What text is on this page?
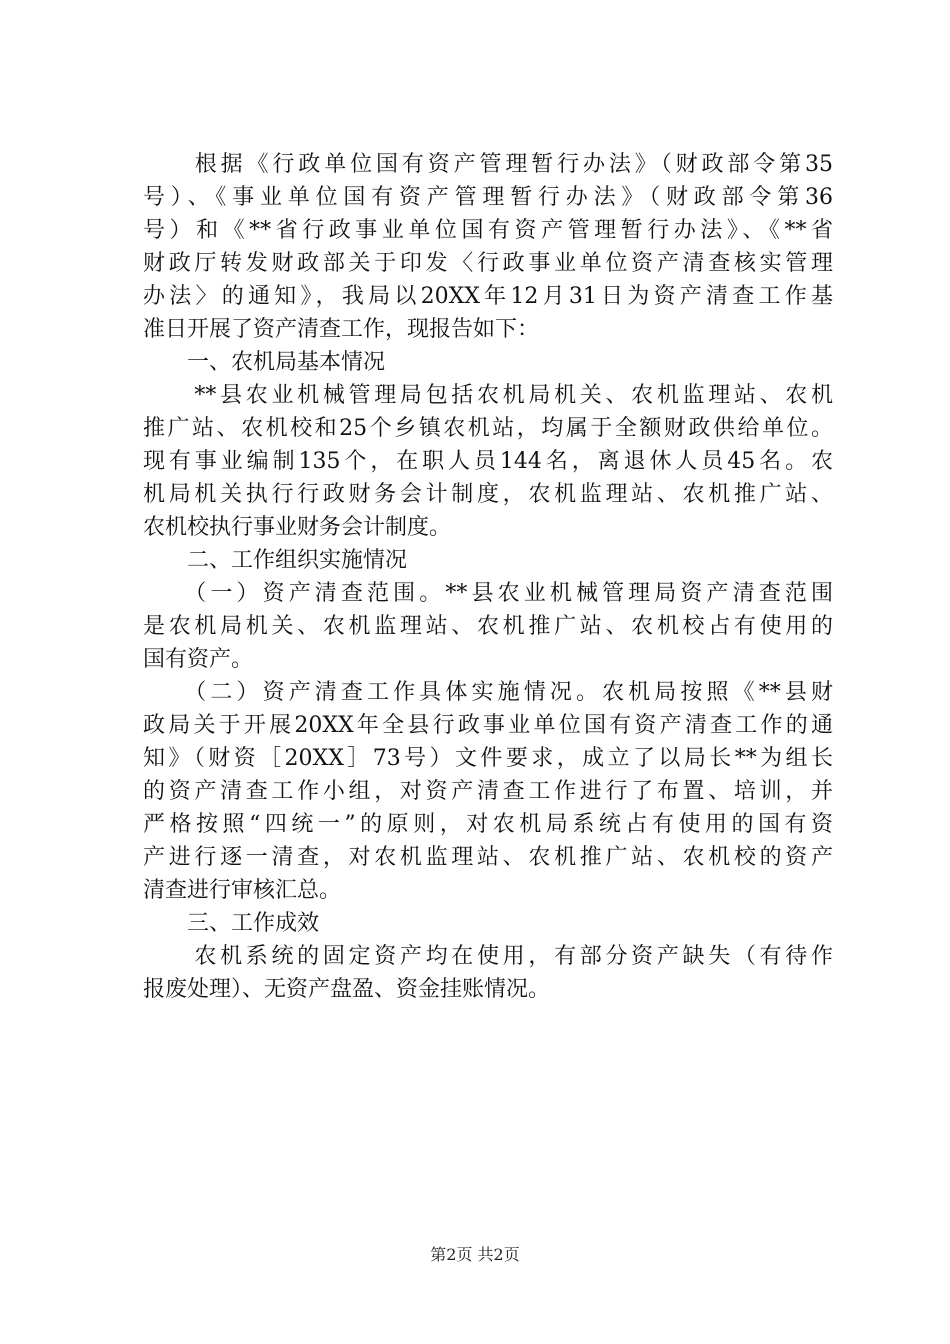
　　根据《行政单位国有资产管理暂行办法》（财政部令第35
号）、《事业单位国有资产管理暂行办法》（财政部令第36
号）和《**省行政事业单位国有资产管理暂行办法》、《**省
财政厅转发财政部关于印发〈行政事业单位资产清查核实管理
办法〉的通知》，我局以20XX年12月31日为资产清查工作基
准日开展了资产清查工作，现报告如下：
　　一、农机局基本情况
　　**县农业机械管理局包括农机局机关、农机监理站、农机
推广站、农机校和25个乡镇农机站，均属于全额财政供给单位。
现有事业编制135个，在职人员144名，离退休人员45名。农
机局机关执行行政财务会计制度，农机监理站、农机推广站、
农机校执行事业财务会计制度。
　　二、工作组织实施情况
　　（一）资产清查范围。**县农业机械管理局资产清查范围
是农机局机关、农机监理站、农机推广站、农机校占有使用的
国有资产。
　　（二）资产清查工作具体实施情况。农机局按照《**县财
政局关于开展20XX年全县行政事业单位国有资产清查工作的通
知》（财资［20XX］73号）文件要求，成立了以局长**为组长
的资产清查工作小组，对资产清查工作进行了布置、培训，并
严格按照“四统一”的原则，对农机局系统占有使用的国有资
产进行逐一清查，对农机监理站、农机推广站、农机校的资产
清查进行审核汇总。
　　三、工作成效
　　农机系统的固定资产均在使用，有部分资产缺失（有待作
报废处理）、无资产盘盈、资金挂账情况。
第2页 共2页
